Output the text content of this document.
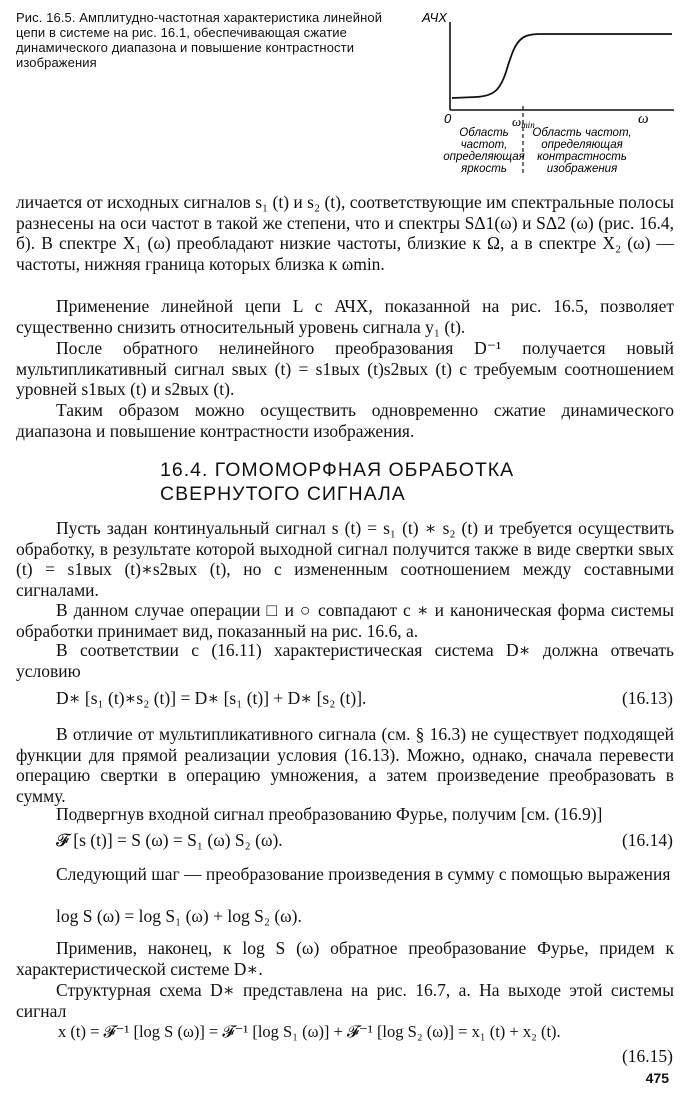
Рис. 16.5. Амплитудно-частотная характеристика линейной цепи в системе на рис. 16.1, обеспечивающая сжатие динамического диапазона и повышение контрастности изображения
АЧХ
0	ω
ωmin
Область
частот,
определяющая
яркость
Область частот,
определяющая
контрастность
изображения
личается от исходных сигналов s₁ (t) и s₂ (t), соответствующие им спектральные полосы разнесены на оси частот в такой же степени, что и спектры SΔ1(ω) и SΔ2 (ω) (рис. 16.4, б). В спектре X₁ (ω) преобладают низкие частоты, близкие к Ω, а в спектре X₂ (ω) — частоты, нижняя граница которых близка к ωmin.
Применение линейной цепи L с АЧХ, показанной на рис. 16.5, позволяет существенно снизить относительный уровень сигнала y₁ (t).
После обратного нелинейного преобразования D⁻¹ получается новый мультипликативный сигнал sвых (t) = s1вых (t)s2вых (t) с требуемым соотношением уровней s1вых (t) и s2вых (t).
Таким образом можно осуществить одновременно сжатие динамического диапазона и повышение контрастности изображения.
16.4. ГОМОМОРФНАЯ ОБРАБОТКА СВЕРНУТОГО СИГНАЛА
Пусть задан континуальный сигнал s (t) = s₁ (t) ∗ s₂ (t) и требуется осуществить обработку, в результате которой выходной сигнал получится также в виде свертки sвых (t) = s1вых (t)∗s2вых (t), но с измененным соотношением между составными сигналами.
В данном случае операции □ и ○ совпадают с ∗ и каноническая форма системы обработки принимает вид, показанный на рис. 16.6, а.
В соответствии с (16.11) характеристическая система D∗ должна отвечать условию
D∗ [s₁ (t)∗s₂ (t)] = D∗ [s₁ (t)] + D∗ [s₂ (t)].	(16.13)
В отличие от мультипликативного сигнала (см. § 16.3) не существует подходящей функции для прямой реализации условия (16.13). Можно, однако, сначала перевести операцию свертки в операцию умножения, а затем произведение преобразовать в сумму.
Подвергнув входной сигнал преобразованию Фурье, получим [см. (16.9)]
𝓕 [s (t)] = S (ω) = S₁ (ω) S₂ (ω).	(16.14)
Следующий шаг — преобразование произведения в сумму с помощью выражения
log S (ω) = log S₁ (ω) + log S₂ (ω).
Применив, наконец, к log S (ω) обратное преобразование Фурье, придем к характеристической системе D∗.
Структурная схема D∗ представлена на рис. 16.7, а. На выходе этой системы сигнал
x (t) = 𝓕⁻¹ [log S (ω)] = 𝓕⁻¹ [log S₁ (ω)] + 𝓕⁻¹ [log S₂ (ω)] = x₁ (t) + x₂ (t).
(16.15)
475
